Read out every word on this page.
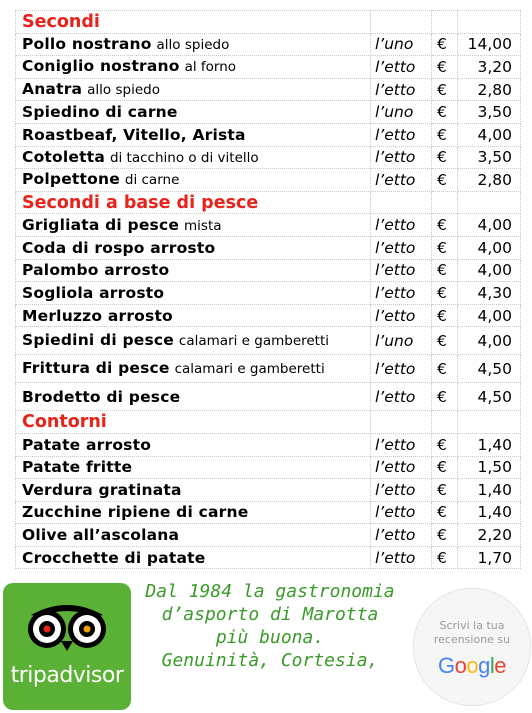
Secondi			
Pollo nostrano allo spiedo	l’uno	€	14,00
Coniglio nostrano al forno	l’etto	€	3,20
Anatra allo spiedo	l’etto	€	2,80
Spiedino di carne	l’uno	€	3,50
Roastbeaf, Vitello, Arista	l’etto	€	4,00
Cotoletta di tacchino o di vitello	l’etto	€	3,50
Polpettone di carne	l’etto	€	2,80
Secondi a base di pesce			
Grigliata di pesce mista	l’etto	€	4,00
Coda di rospo arrosto	l’etto	€	4,00
Palombo arrosto	l’etto	€	4,00
Sogliola arrosto	l’etto	€	4,30
Merluzzo arrosto	l’etto	€	4,00
Spiedini di pesce calamari e gamberetti	l’uno	€	4,00
Frittura di pesce calamari e gamberetti	l’etto	€	4,50
Brodetto di pesce	l’etto	€	4,50
Contorni			
Patate arrosto	l’etto	€	1,40
Patate fritte	l’etto	€	1,50
Verdura gratinata	l’etto	€	1,40
Zucchine ripiene di carne	l’etto	€	1,40
Olive all’ascolana	l’etto	€	2,20
Crocchette di patate	l’etto	€	1,70
tripadvisor
Dal 1984 la gastronomia
d’asporto di Marotta
più buona.
Genuinità, Cortesia,
Scrivi la tua
recensione su
Google
